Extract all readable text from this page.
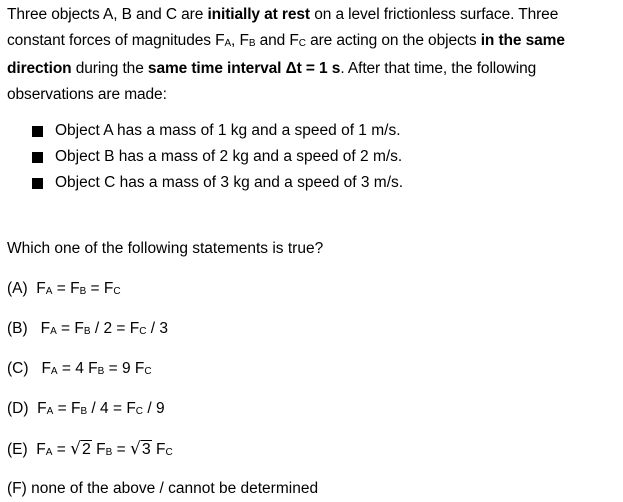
Three objects A, B and C are initially at rest on a level frictionless surface. Three constant forces of magnitudes FA, FB and FC are acting on the objects in the same direction during the same time interval Δt = 1 s. After that time, the following observations are made:
Object A has a mass of 1 kg and a speed of 1 m/s.
Object B has a mass of 2 kg and a speed of 2 m/s.
Object C has a mass of 3 kg and a speed of 3 m/s.
Which one of the following statements is true?
(A) FA = FB = FC
(B) FA = FB / 2 = FC / 3
(C) FA = 4 FB = 9 FC
(D) FA = FB / 4 = FC / 9
(E) FA = √2 FB = √3 FC
(F) none of the above / cannot be determined
